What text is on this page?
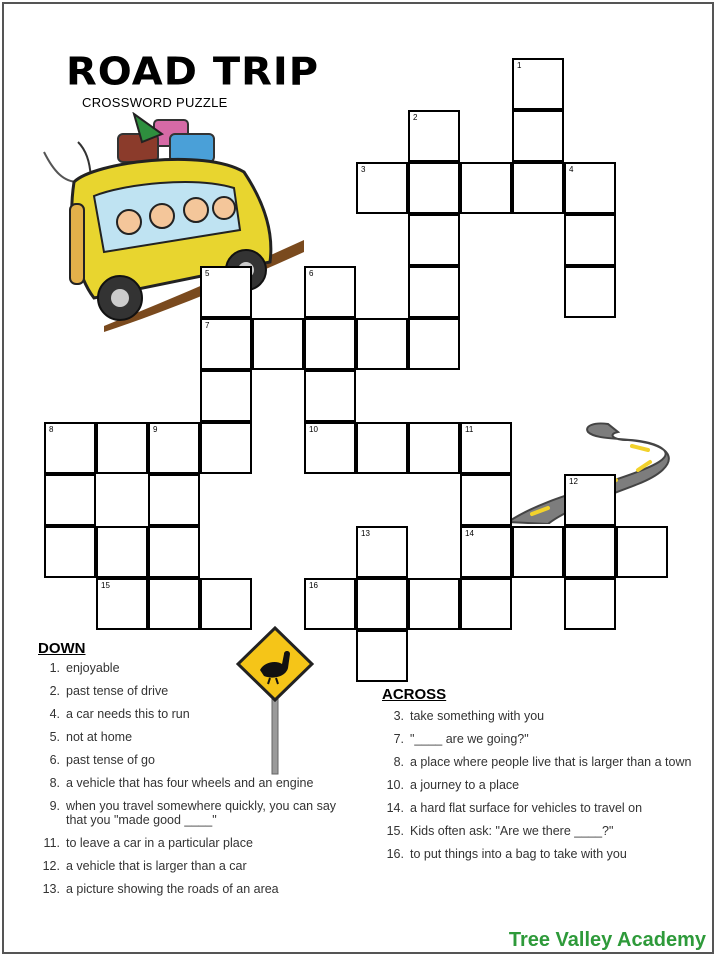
ROAD TRIP
CROSSWORD PUZZLE
1
2
3	4
5	6
7
8	9	10	11
12
13	14
15	16
DOWN
1. enjoyable
2. past tense of drive
4. a car needs this to run
5. not at home
6. past tense of go
8. a vehicle that has four wheels and an engine
9. when you travel somewhere quickly, you can say that you "made good ____"
11. to leave a car in a particular place
12. a vehicle that is larger than a car
13. a picture showing the roads of an area
ACROSS
3. take something with you
7. "____ are we going?"
8. a place where people live that is larger than a town
10. a journey to a place
14. a hard flat surface for vehicles to travel on
15. Kids often ask: "Are we there ____?"
16. to put things into a bag to take with you
Tree Valley Academy
